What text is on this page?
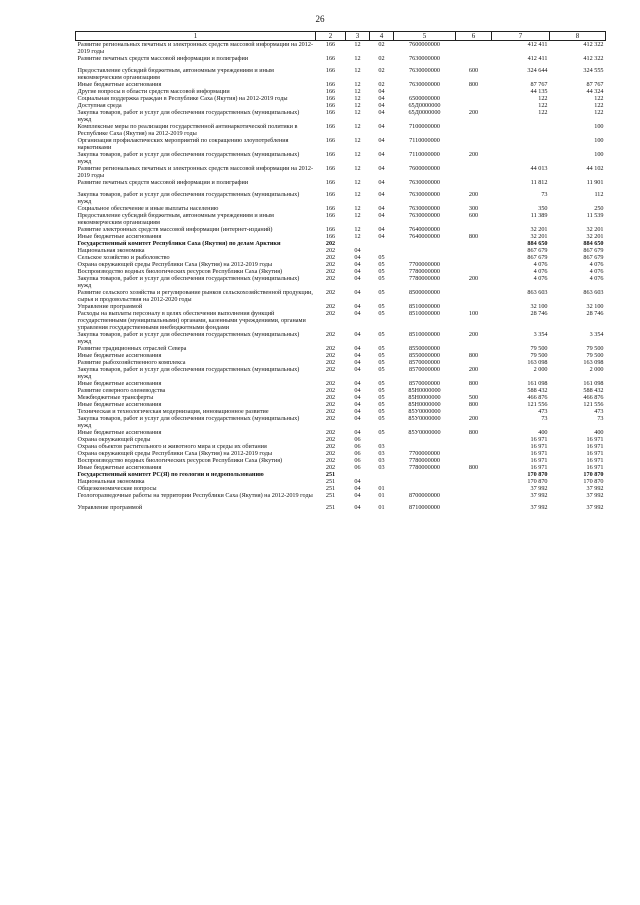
26
1	2	3	4	5	6	7	8
Развитие региональных печатных и электронных средств массовой информации на 2012-2019 годы	166	12	02	7600000000		412 411	412 322
Развитие печатных средств массовой информации и полиграфии	166	12	02	7630000000		412 411	412 322
Предоставление субсидий бюджетным, автономным учреждениям и иным некоммерческим организациям	166	12	02	7630000000	600	324 644	324 555
Иные бюджетные ассигнования	166	12	02	7630000000	800	87 767	87 767
Другие вопросы в области средств массовой информации	166	12	04			44 135	44 324
Социальная поддержка граждан в Республике Саха (Якутия) на 2012-2019 годы	166	12	04	6500000000		122	122
Доступная среда	166	12	04	65Д0000000		122	122
Закупка товаров, работ и услуг для обеспечения государственных (муниципальных) нужд	166	12	04	65Д0000000	200	122	122
Комплексные меры по реализации государственной антинаркотической политики в Республике Саха (Якутия) на 2012-2019 годы	166	12	04	7100000000			100
Организация профилактических мероприятий по сокращению злоупотребления наркотиками	166	12	04	7110000000			100
Закупка товаров, работ и услуг для обеспечения государственных (муниципальных) нужд	166	12	04	7110000000	200		100
Развитие региональных печатных и электронных средств массовой информации на 2012-2019 годы	166	12	04	7600000000		44 013	44 102
Развитие печатных средств массовой информации и полиграфии	166	12	04	7630000000		11 812	11 901
Закупка товаров, работ и услуг для обеспечения государственных (муниципальных) нужд	166	12	04	7630000000	200	73	112
Социальное обеспечение и иные выплаты населению	166	12	04	7630000000	300	350	250
Предоставление субсидий бюджетным, автономным учреждениям и иным некоммерческим организациям	166	12	04	7630000000	600	11 389	11 539
Развитие электронных средств массовой информации (интернет-изданий)	166	12	04	7640000000		32 201	32 201
Иные бюджетные ассигнования	166	12	04	7640000000	800	32 201	32 201
Государственный комитет Республики Саха (Якутия) по делам Арктики	202					884 650	884 650
Национальная экономика	202	04				867 679	867 679
Сельское хозяйство и рыболовство	202	04	05			867 679	867 679
Охрана окружающей среды Республики Саха (Якутия) на 2012-2019 годы	202	04	05	7700000000		4 076	4 076
Воспроизводство водных биологических ресурсов Республики Саха (Якутия)	202	04	05	7780000000		4 076	4 076
Закупка товаров, работ и услуг для обеспечения государственных (муниципальных) нужд	202	04	05	7780000000	200	4 076	4 076
Развитие сельского хозяйства и регулирование рынков сельскохозяйственной продукции, сырья и продовольствия на 2012-2020 годы	202	04	05	8500000000		863 603	863 603
Управление программой	202	04	05	8510000000		32 100	32 100
Расходы на выплаты персоналу в целях обеспечения выполнения функций государственными (муниципальными) органами, казенными учреждениями, органами управления государственными внебюджетными фондами	202	04	05	8510000000	100	28 746	28 746
Закупка товаров, работ и услуг для обеспечения государственных (муниципальных) нужд	202	04	05	8510000000	200	3 354	3 354
Развитие традиционных отраслей Севера	202	04	05	8550000000		79 500	79 500
Иные бюджетные ассигнования	202	04	05	8550000000	800	79 500	79 500
Развитие рыбохозяйственного комплекса	202	04	05	8570000000		163 098	163 098
Закупка товаров, работ и услуг для обеспечения государственных (муниципальных) нужд	202	04	05	8570000000	200	2 000	2 000
Иные бюджетные ассигнования	202	04	05	8570000000	800	161 098	161 098
Развитие северного оленеводства	202	04	05	85Н0000000		588 432	588 432
Межбюджетные трансферты	202	04	05	85Н0000000	500	466 876	466 876
Иные бюджетные ассигнования	202	04	05	85Н0000000	800	121 556	121 556
Техническая и технологическая модернизация, инновационное развитие	202	04	05	85У0000000		473	473
Закупка товаров, работ и услуг для обеспечения государственных (муниципальных) нужд	202	04	05	85У0000000	200	73	73
Иные бюджетные ассигнования	202	04	05	85У0000000	800	400	400
Охрана окружающей среды	202	06				16 971	16 971
Охрана объектов растительного и животного мира и среды их обитания	202	06	03			16 971	16 971
Охрана окружающей среды Республики Саха (Якутия) на 2012-2019 годы	202	06	03	7700000000		16 971	16 971
Воспроизводство водных биологических ресурсов Республики Саха (Якутия)	202	06	03	7780000000		16 971	16 971
Иные бюджетные ассигнования	202	06	03	7780000000	800	16 971	16 971
Государственный комитет РС(Я) по геологии и недропользованию	251					170 870	170 870
Национальная экономика	251	04				170 870	170 870
Общеэкономические вопросы	251	04	01			37 992	37 992
Геологоразведочные работы на территории Республики Саха (Якутия) на 2012-2019 годы	251	04	01	8700000000		37 992	37 992
Управление программой	251	04	01	8710000000		37 992	37 992
